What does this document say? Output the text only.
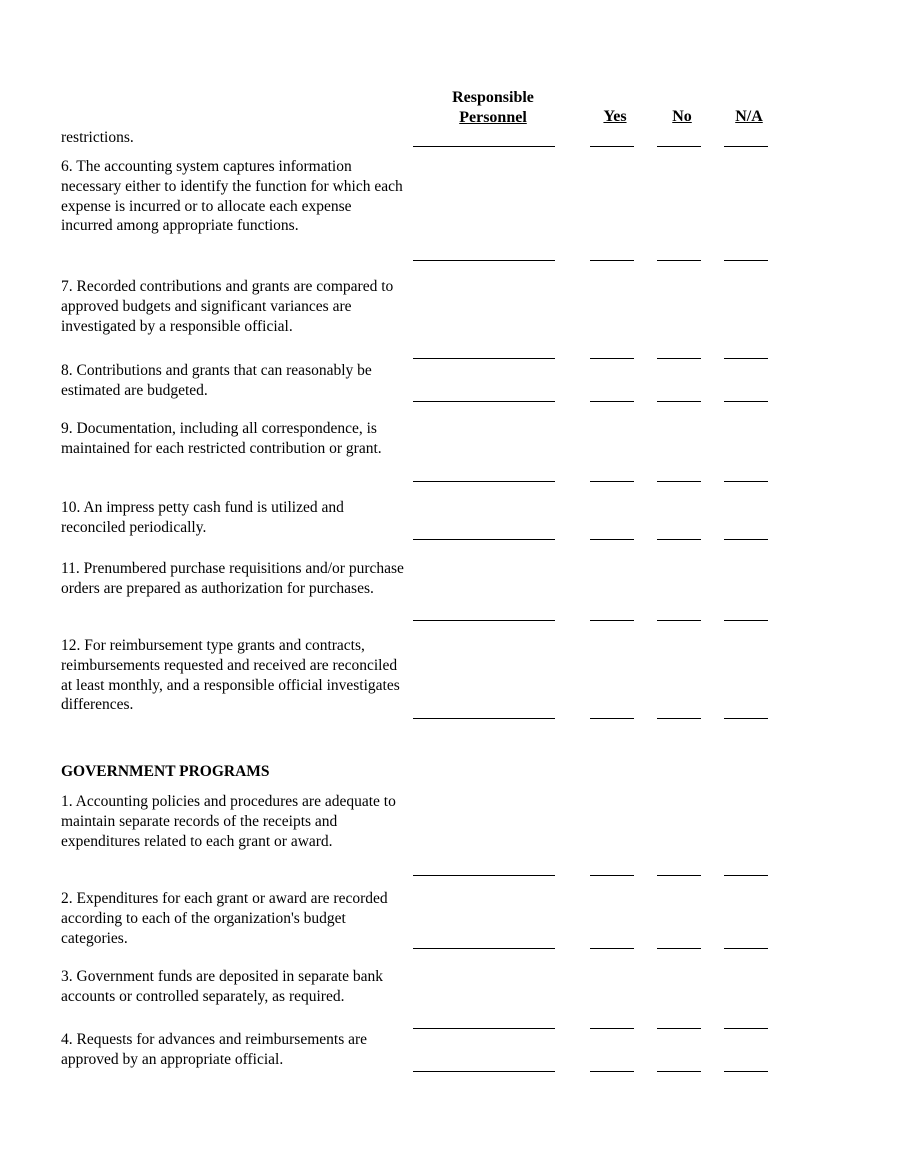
Responsible
Personnel	Yes	No	N/A
restrictions.
6. The accounting system captures information necessary either to identify the function for which each expense is incurred or to allocate each expense incurred among appropriate functions.
7. Recorded contributions and grants are compared to approved budgets and significant variances are investigated by a responsible official.
8. Contributions and grants that can reasonably be estimated are budgeted.
9. Documentation, including all correspondence, is maintained for each restricted contribution or grant.
10. An impress petty cash fund is utilized and reconciled periodically.
11. Prenumbered purchase requisitions and/or purchase orders are prepared as authorization for purchases.
12. For reimbursement type grants and contracts, reimbursements requested and received are reconciled at least monthly, and a responsible official investigates differences.
GOVERNMENT PROGRAMS
1. Accounting policies and procedures are adequate to maintain separate records of the receipts and expenditures related to each grant or award.
2. Expenditures for each grant or award are recorded according to each of the organization's budget categories.
3. Government funds are deposited in separate bank accounts or controlled separately, as required.
4. Requests for advances and reimbursements are approved by an appropriate official.
